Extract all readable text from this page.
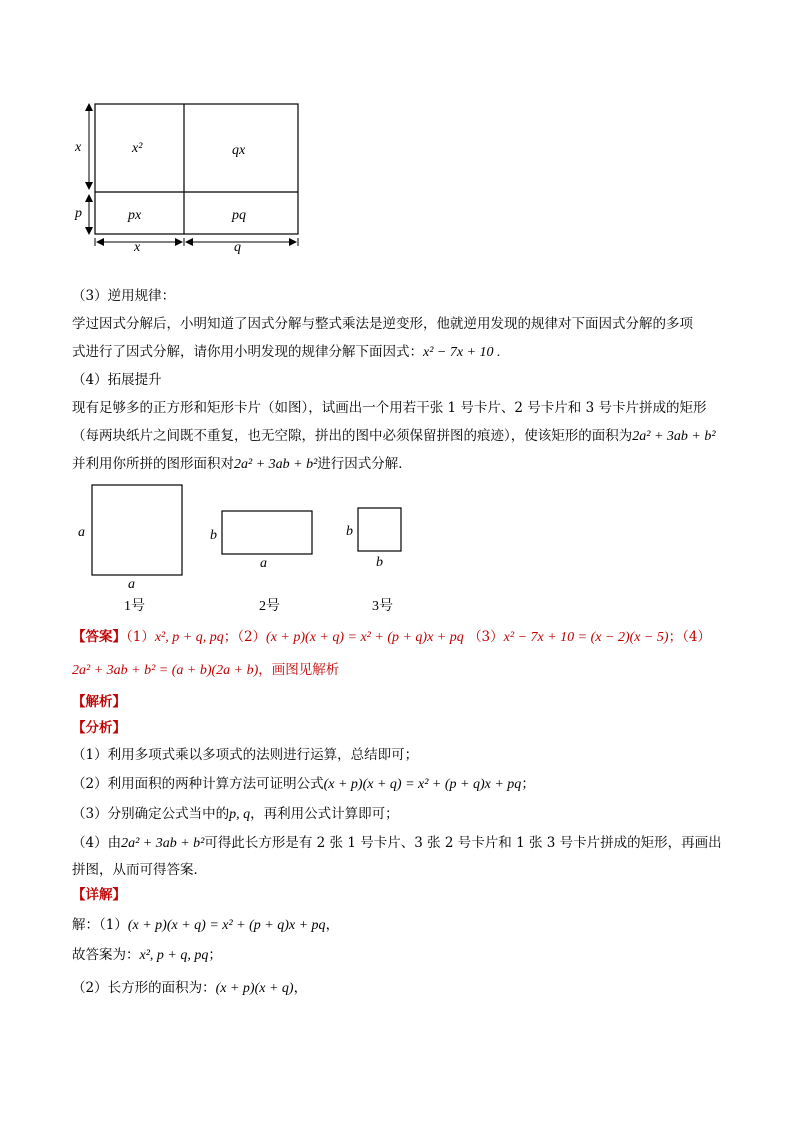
x²	qx
px	pq
x
p
x	q
（3）逆用规律：
学过因式分解后，小明知道了因式分解与整式乘法是逆变形，他就逆用发现的规律对下面因式分解的多项
式进行了因式分解，请你用小明发现的规律分解下面因式：x² − 7x + 10 .
（4）拓展提升
现有足够多的正方形和矩形卡片（如图），试画出一个用若干张 1 号卡片、2 号卡片和 3 号卡片拼成的矩形
（每两块纸片之间既不重复，也无空隙，拼出的图中必须保留拼图的痕迹），使该矩形的面积为2a² + 3ab + b²
并利用你所拼的图形面积对2a² + 3ab + b²进行因式分解．
a
a
1号
b
a
2号
b
b
3号
【答案】（1）x², p + q, pq；（2）(x + p)(x + q) = x² + (p + q)x + pq （3）x² − 7x + 10 = (x − 2)(x − 5)；（4）
2a² + 3ab + b² = (a + b)(2a + b)，画图见解析
【解析】
【分析】
（1）利用多项式乘以多项式的法则进行运算，总结即可；
（2）利用面积的两种计算方法可证明公式(x + p)(x + q) = x² + (p + q)x + pq；
（3）分别确定公式当中的p, q，再利用公式计算即可；
（4）由2a² + 3ab + b²可得此长方形是有 2 张 1 号卡片、3 张 2 号卡片和 1 张 3 号卡片拼成的矩形，再画出
拼图，从而可得答案．
【详解】
解：（1）(x + p)(x + q) = x² + (p + q)x + pq，
故答案为：x², p + q, pq；
（2）长方形的面积为：(x + p)(x + q)，
